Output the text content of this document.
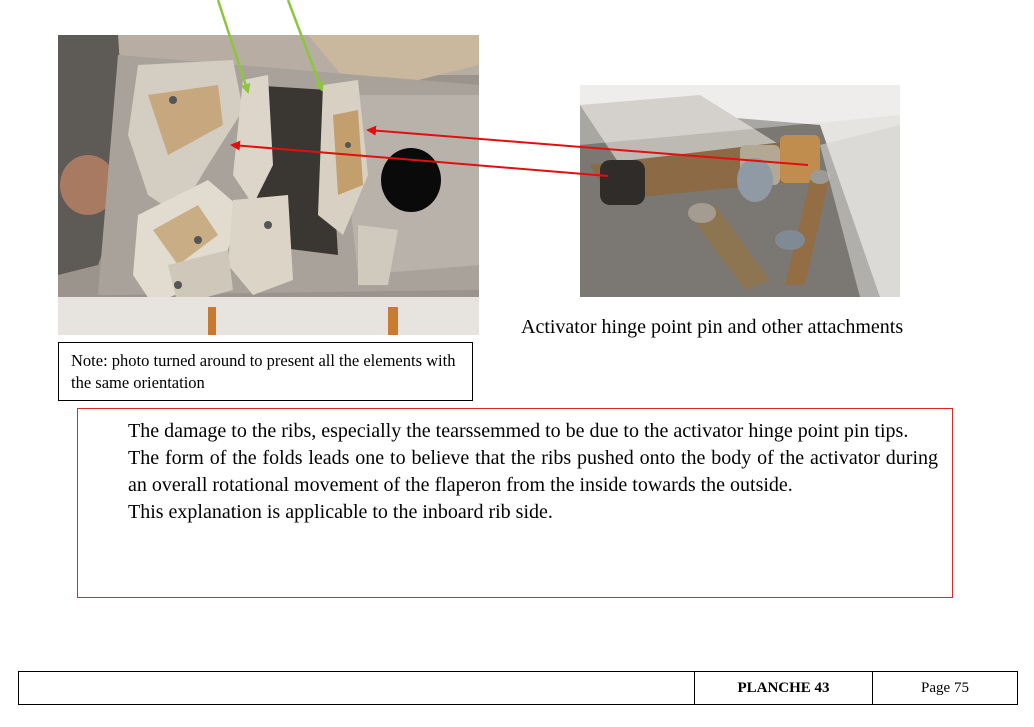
Activator hinge point pin and other attachments
Note: photo turned around to present all the elements with the same orientation

The damage to the ribs, especially the tearssemmed to be due to the activator hinge point pin tips.

The form of the folds leads one to believe that the ribs pushed onto the body of the activator during an overall rotational movement of the flaperon from the inside towards the outside.

This explanation is applicable to the inboard rib side.

PLANCHE 43	Page 75
